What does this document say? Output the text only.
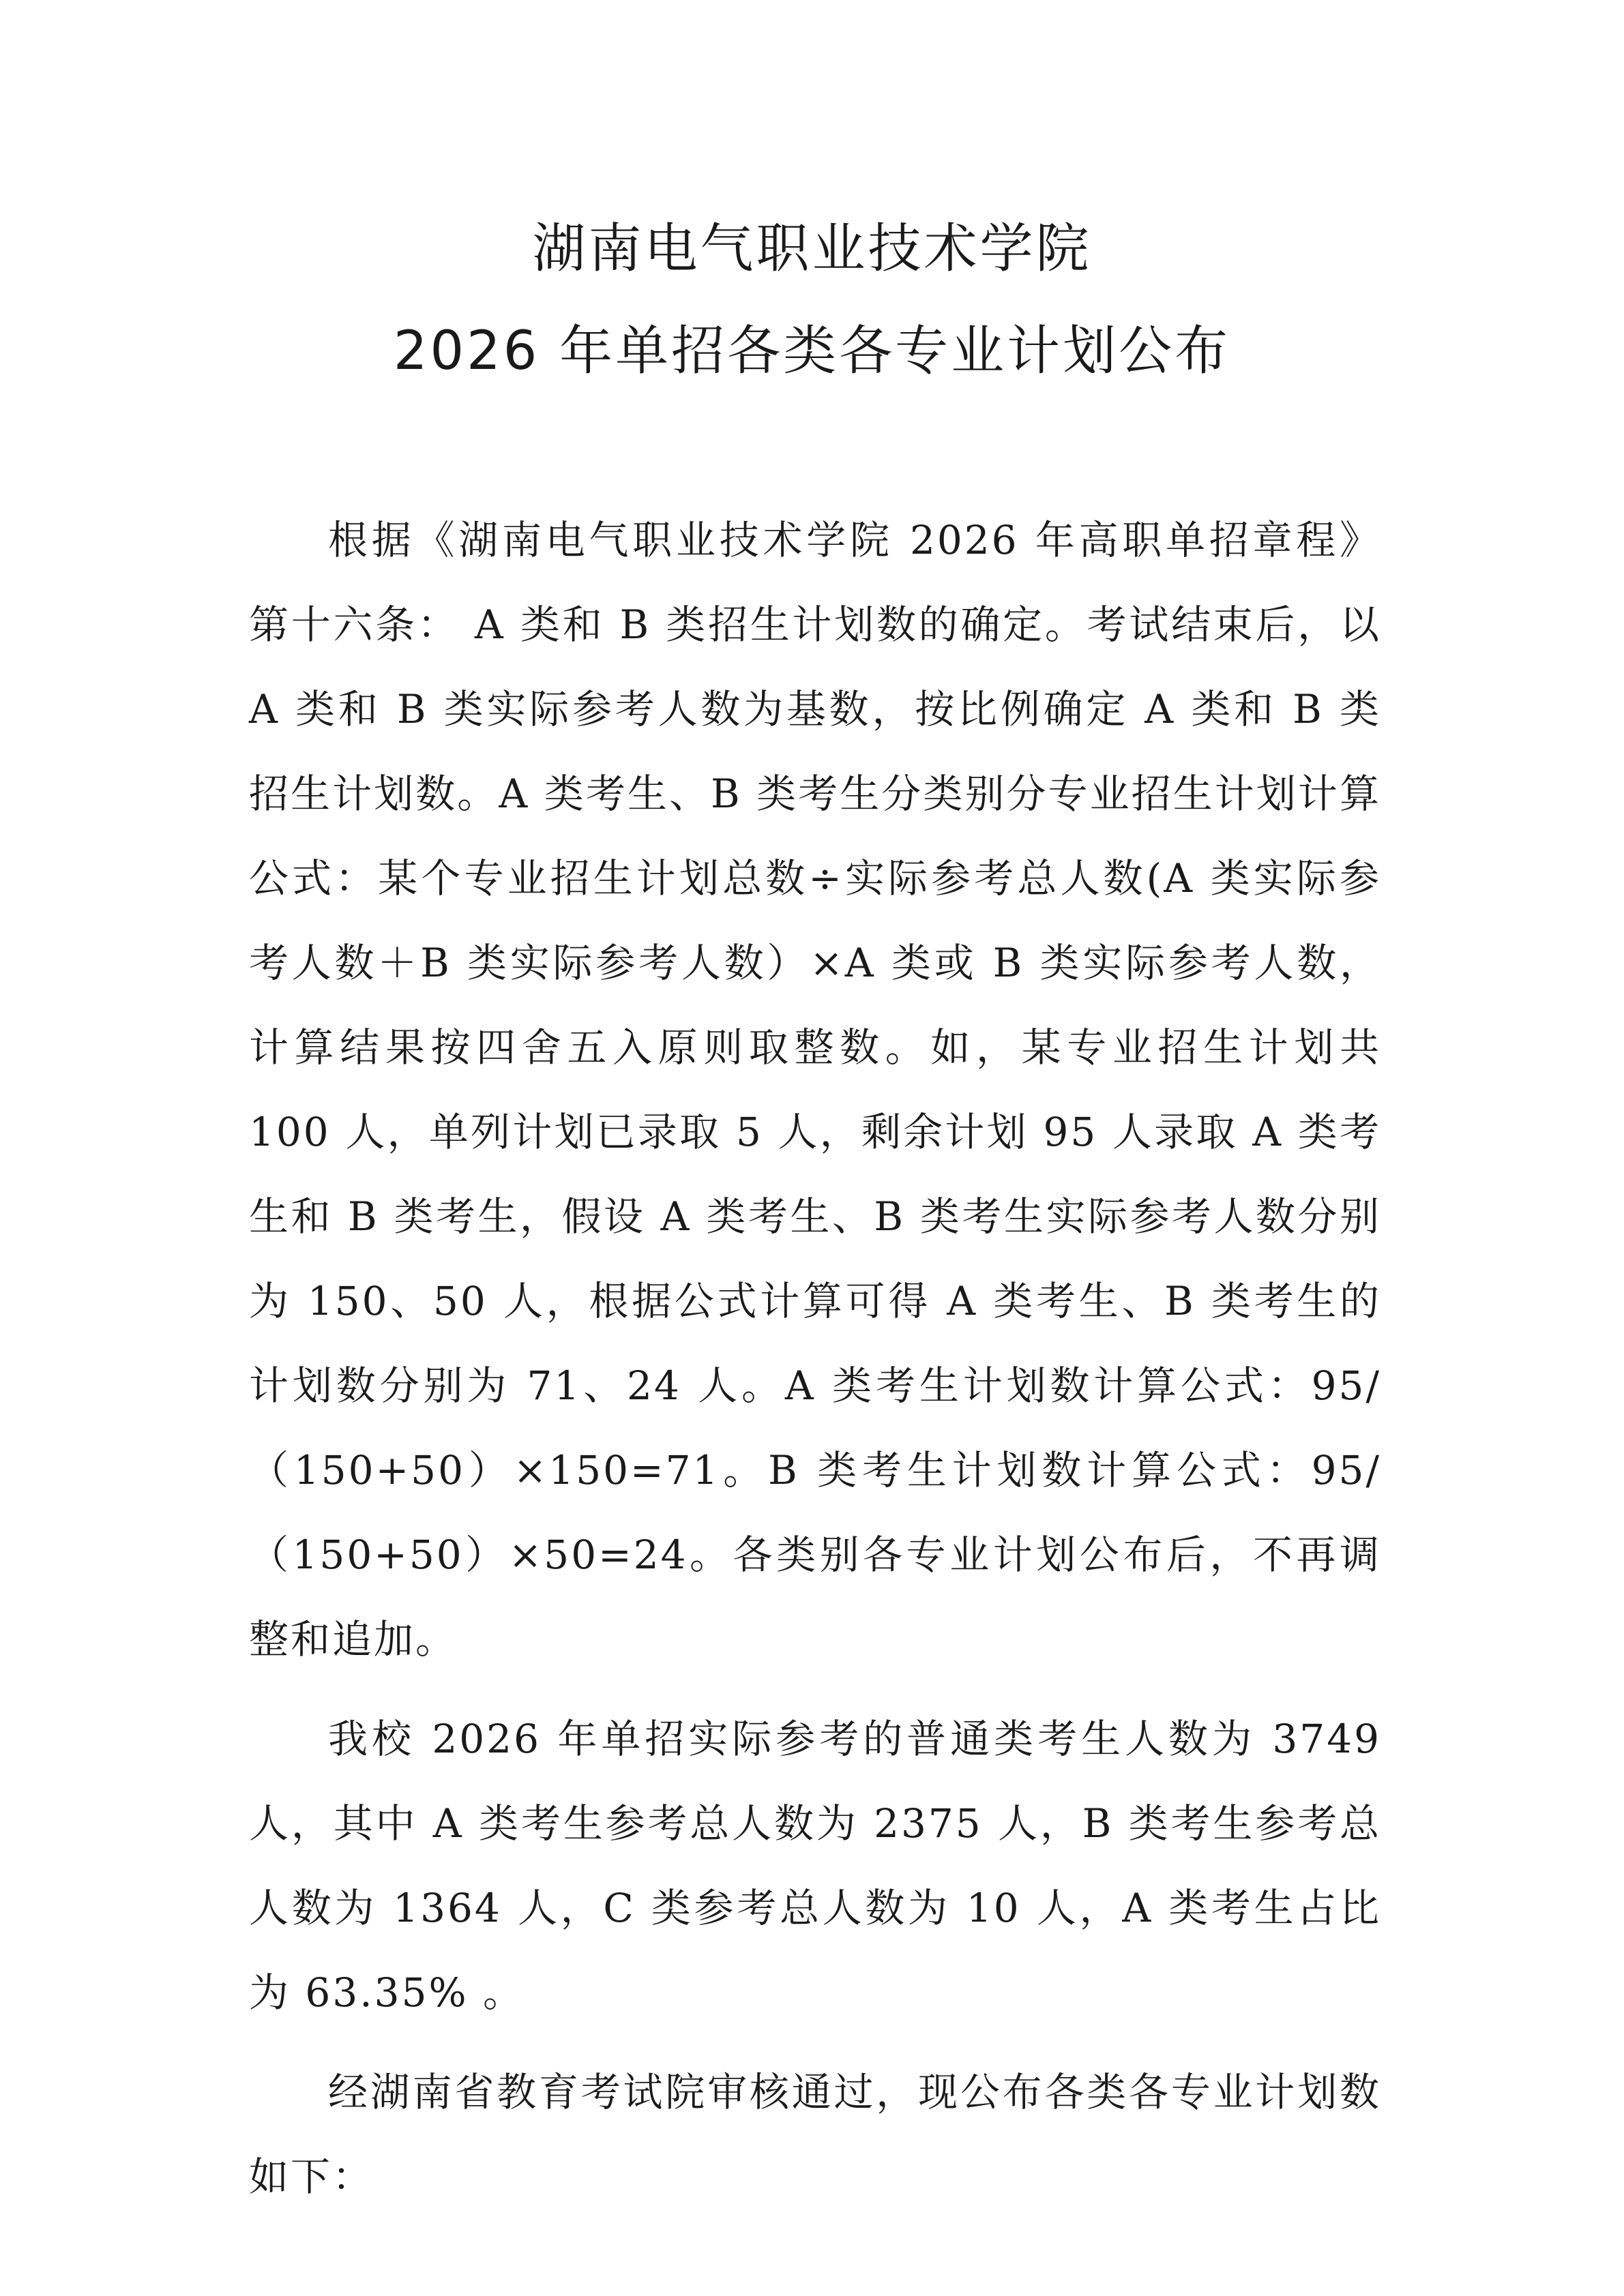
湖南电气职业技术学院
2026 年单招各类各专业计划公布

根据《湖南电气职业技术学院 2026 年高职单招章程》第十六条： A 类和 B 类招生计划数的确定。考试结束后，以 A 类和 B 类实际参考人数为基数，按比例确定 A 类和 B 类招生计划数。A 类考生、B 类考生分类别分专业招生计划计算公式：某个专业招生计划总数÷实际参考总人数(A 类实际参考人数＋B 类实际参考人数）×A 类或 B 类实际参考人数，计算结果按四舍五入原则取整数。如，某专业招生计划共 100 人，单列计划已录取 5 人，剩余计划 95 人录取 A 类考生和 B 类考生，假设 A 类考生、B 类考生实际参考人数分别为 150、50 人，根据公式计算可得 A 类考生、B 类考生的计划数分别为 71、24 人。A 类考生计划数计算公式：95/（150+50）×150=71。B 类考生计划数计算公式：95/（150+50）×50=24。各类别各专业计划公布后，不再调整和追加。

我校 2026 年单招实际参考的普通类考生人数为 3749 人，其中 A 类考生参考总人数为 2375 人，B 类考生参考总人数为 1364 人，C 类参考总人数为 10 人，A 类考生占比为 63.35% 。

经湖南省教育考试院审核通过，现公布各类各专业计划数如下：
